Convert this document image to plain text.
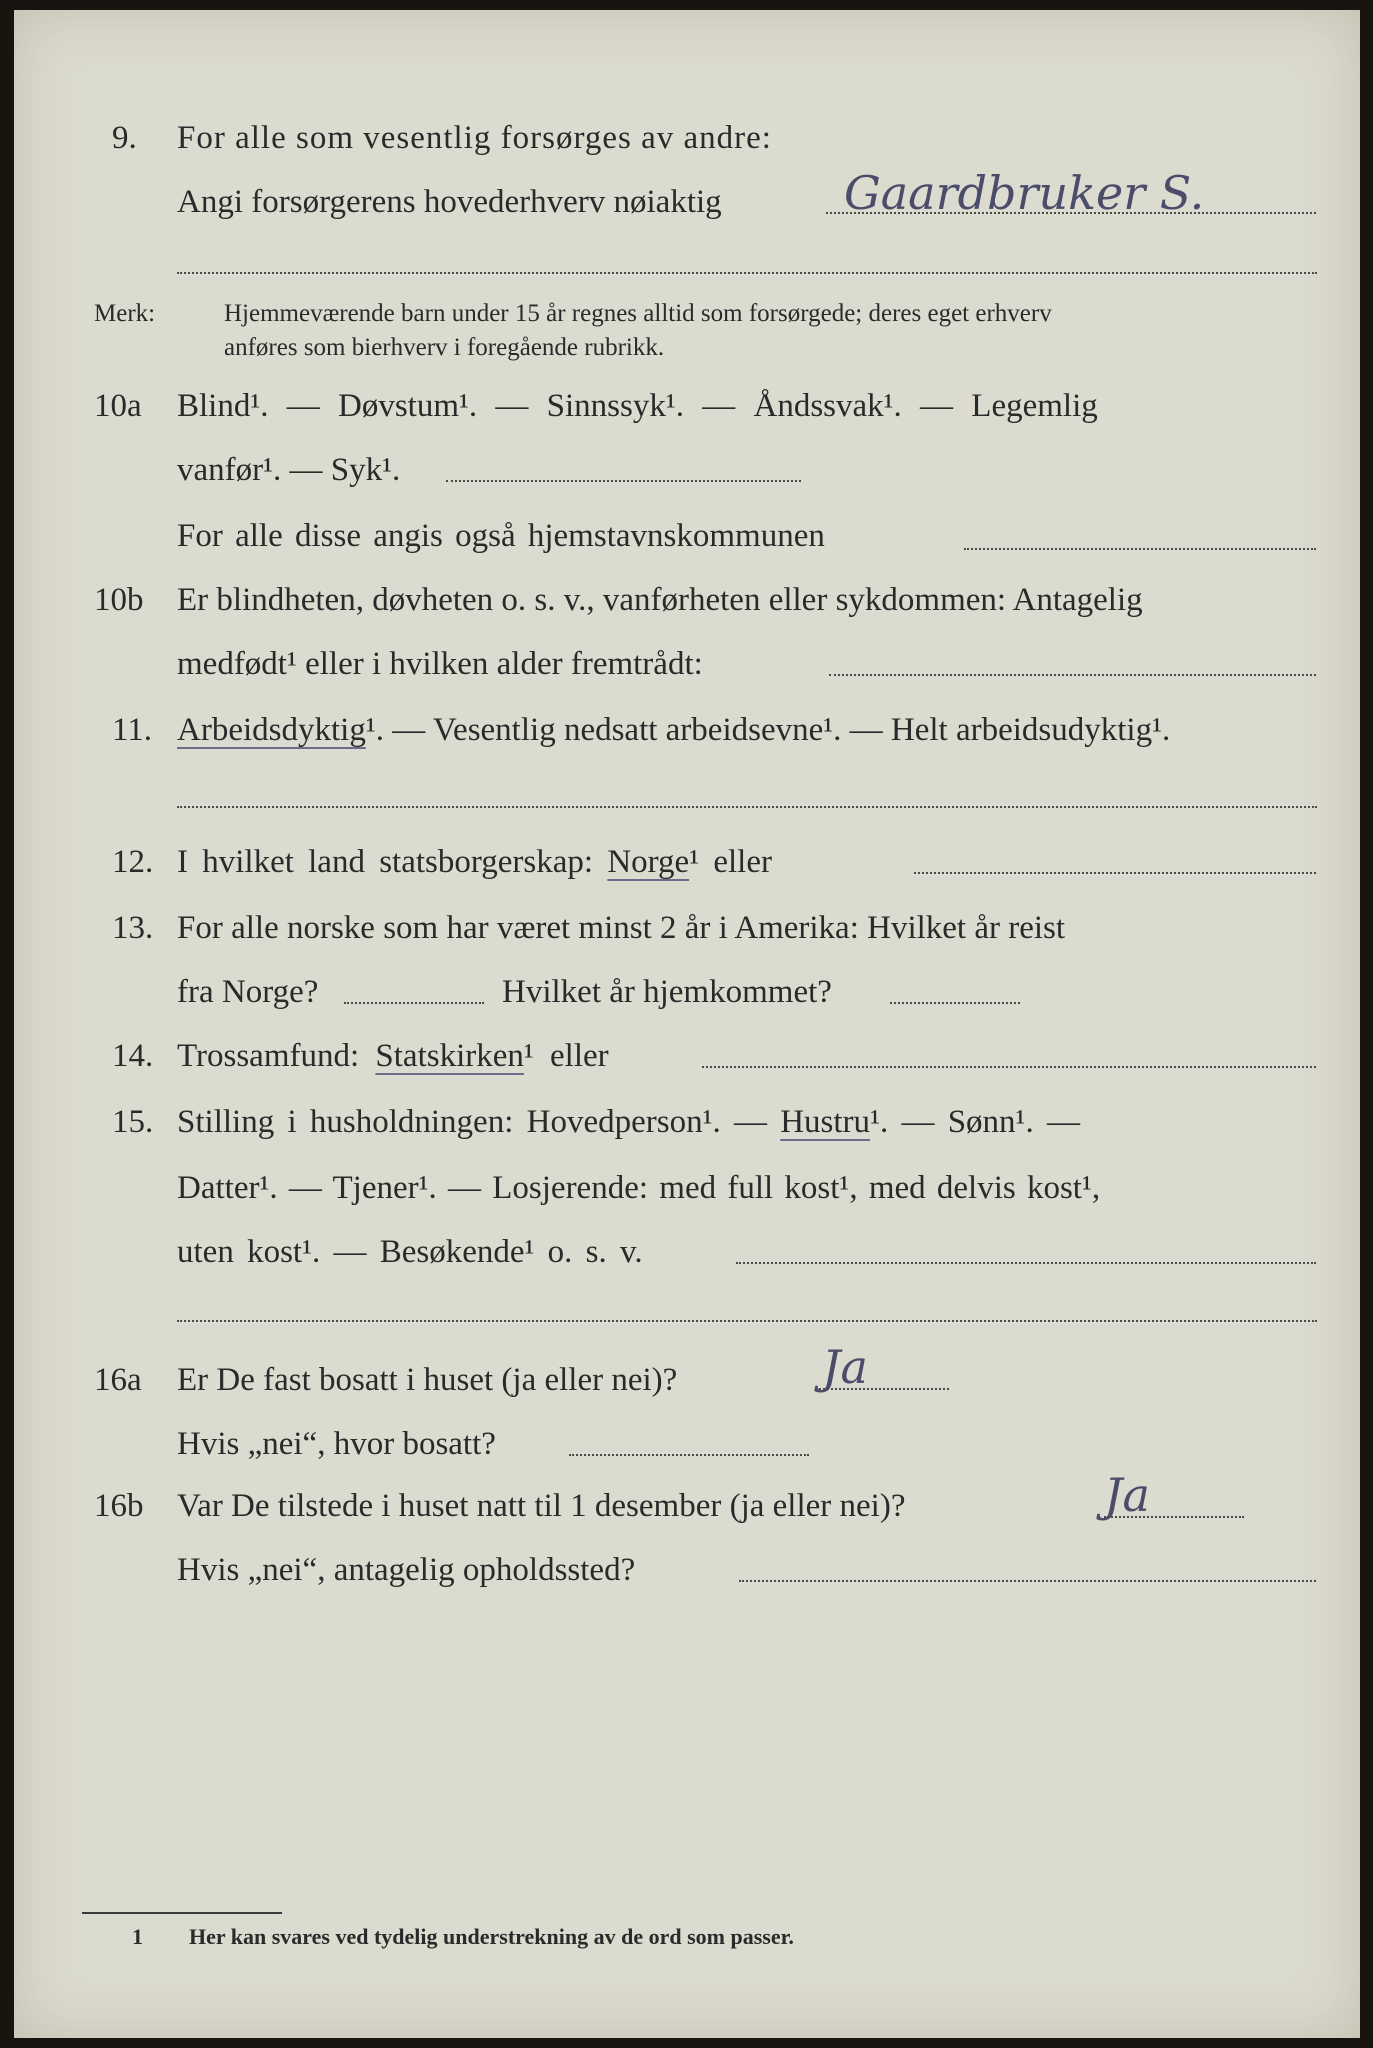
9. For alle som vesentlig forsørges av andre:
Angi forsørgerens hovederhverv nøiaktig	Gaardbruker S.
Merk:	Hjemmeværende barn under 15 år regnes alltid som forsørgede; deres eget erhverv
anføres som bierhverv i foregående rubrikk.
10a Blind¹. — Døvstum¹. — Sinnssyk¹. — Åndssvak¹. — Legemlig
vanfør¹. — Syk¹.
For alle disse angis også hjemstavnskommunen
10b Er blindheten, døvheten o. s. v., vanførheten eller sykdommen: Antagelig
medfødt¹ eller i hvilken alder fremtrådt:
11. Arbeidsdyktig¹. — Vesentlig nedsatt arbeidsevne¹. — Helt arbeidsudyktig¹.
12. I hvilket land statsborgerskap: Norge¹ eller
13. For alle norske som har været minst 2 år i Amerika: Hvilket år reist
fra Norge?	Hvilket år hjemkommet?
14. Trossamfund: Statskirken¹ eller
15. Stilling i husholdningen: Hovedperson¹. — Hustru¹. — Sønn¹. —
Datter¹. — Tjener¹. — Losjerende: med full kost¹, med delvis kost¹,
uten kost¹. — Besøkende¹ o. s. v.
16a Er De fast bosatt i huset (ja eller nei)?	Ja
Hvis „nei“, hvor bosatt?
16b Var De tilstede i huset natt til 1 desember (ja eller nei)?	Ja
Hvis „nei“, antagelig opholdssted?
1 Her kan svares ved tydelig understrekning av de ord som passer.
